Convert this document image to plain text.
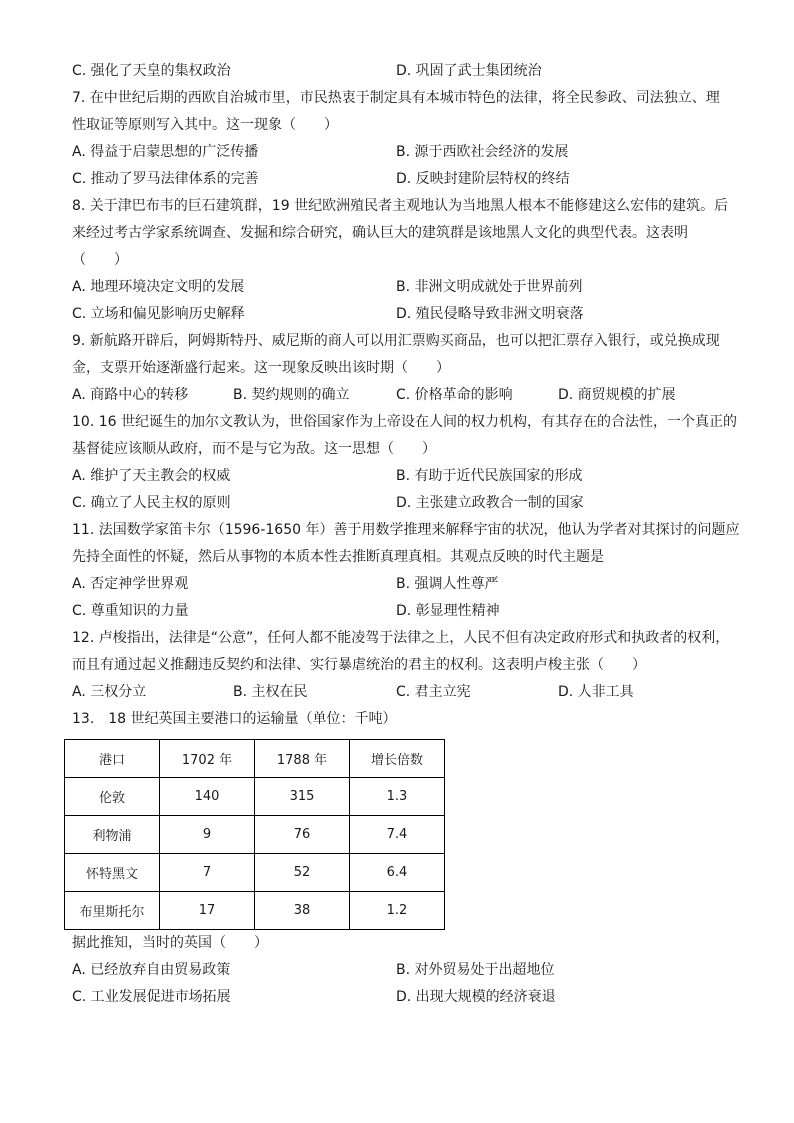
C. 强化了天皇的集权政治	D. 巩固了武士集团统治
7. 在中世纪后期的西欧自治城市里，市民热衷于制定具有本城市特色的法律，将全民参政、司法独立、理
性取证等原则写入其中。这一现象（　　）
A. 得益于启蒙思想的广泛传播	B. 源于西欧社会经济的发展
C. 推动了罗马法律体系的完善	D. 反映封建阶层特权的终结
8. 关于津巴布韦的巨石建筑群，19 世纪欧洲殖民者主观地认为当地黑人根本不能修建这么宏伟的建筑。后
来经过考古学家系统调查、发掘和综合研究，确认巨大的建筑群是该地黑人文化的典型代表。这表明
（　　）
A. 地理环境决定文明的发展	B. 非洲文明成就处于世界前列
C. 立场和偏见影响历史解释	D. 殖民侵略导致非洲文明衰落
9. 新航路开辟后，阿姆斯特丹、威尼斯的商人可以用汇票购买商品，也可以把汇票存入银行，或兑换成现
金，支票开始逐渐盛行起来。这一现象反映出该时期（　　）
A. 商路中心的转移	B. 契约规则的确立	C. 价格革命的影响	D. 商贸规模的扩展
10. 16 世纪诞生的加尔文教认为，世俗国家作为上帝设在人间的权力机构，有其存在的合法性，一个真正的
基督徒应该顺从政府，而不是与它为敌。这一思想（　　）
A. 维护了天主教会的权威	B. 有助于近代民族国家的形成
C. 确立了人民主权的原则	D. 主张建立政教合一制的国家
11. 法国数学家笛卡尔（1596-1650 年）善于用数学推理来解释宇宙的状况，他认为学者对其探讨的问题应
先持全面性的怀疑，然后从事物的本质本性去推断真理真相。其观点反映的时代主题是
A. 否定神学世界观	B. 强调人性尊严
C. 尊重知识的力量	D. 彰显理性精神
12. 卢梭指出，法律是“公意”，任何人都不能凌驾于法律之上，人民不但有决定政府形式和执政者的权利，
而且有通过起义推翻违反契约和法律、实行暴虐统治的君主的权利。这表明卢梭主张（　　）
A. 三权分立	B. 主权在民	C. 君主立宪	D. 人非工具
13.　18 世纪英国主要港口的运输量（单位：千吨）
港口	1702 年	1788 年	增长倍数
伦敦	140	315	1.3
利物浦	9	76	7.4
怀特黑文	7	52	6.4
布里斯托尔	17	38	1.2
据此推知，当时的英国（　　）
A. 已经放弃自由贸易政策	B. 对外贸易处于出超地位
C. 工业发展促进市场拓展	D. 出现大规模的经济衰退
